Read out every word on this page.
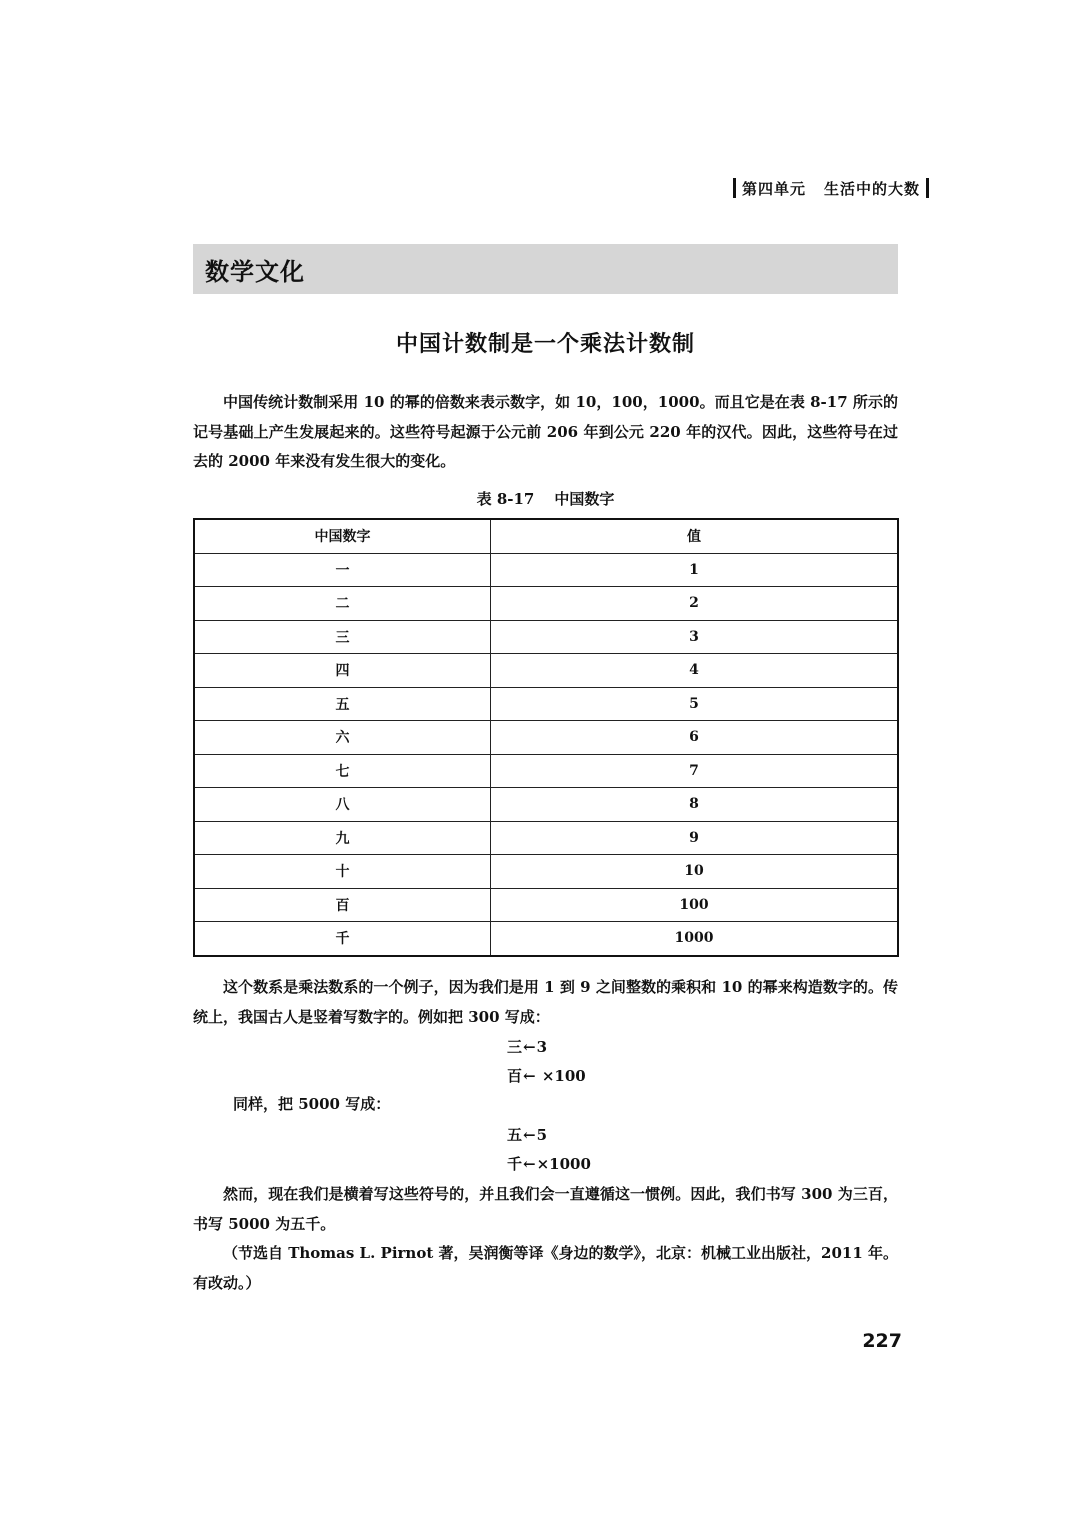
第四单元 生活中的大数
数学文化
中国计数制是一个乘法计数制

中国传统计数制采用 10 的幂的倍数来表示数字，如 10，100，1000。而且它是在表 8-17 所示的记号基础上产生发展起来的。这些符号起源于公元前 206 年到公元 220 年的汉代。因此，这些符号在过去的 2000 年来没有发生很大的变化。

表 8-17 中国数字
中国数字	值
一	1
二	2
三	3
四	4
五	5
六	6
七	7
八	8
九	9
十	10
百	100
千	1000

这个数系是乘法数系的一个例子，因为我们是用 1 到 9 之间整数的乘积和 10 的幂来构造数字的。传统上，我国古人是竖着写数字的。例如把 300 写成：

三←3
百← ×100

同样，把 5000 写成：

五←5
千←×1000

然而，现在我们是横着写这些符号的，并且我们会一直遵循这一惯例。因此，我们书写 300 为三百，书写 5000 为五千。

（节选自 Thomas L. Pirnot 著，吴润衡等译《身边的数学》，北京：机械工业出版社，2011 年。有改动。）

227
